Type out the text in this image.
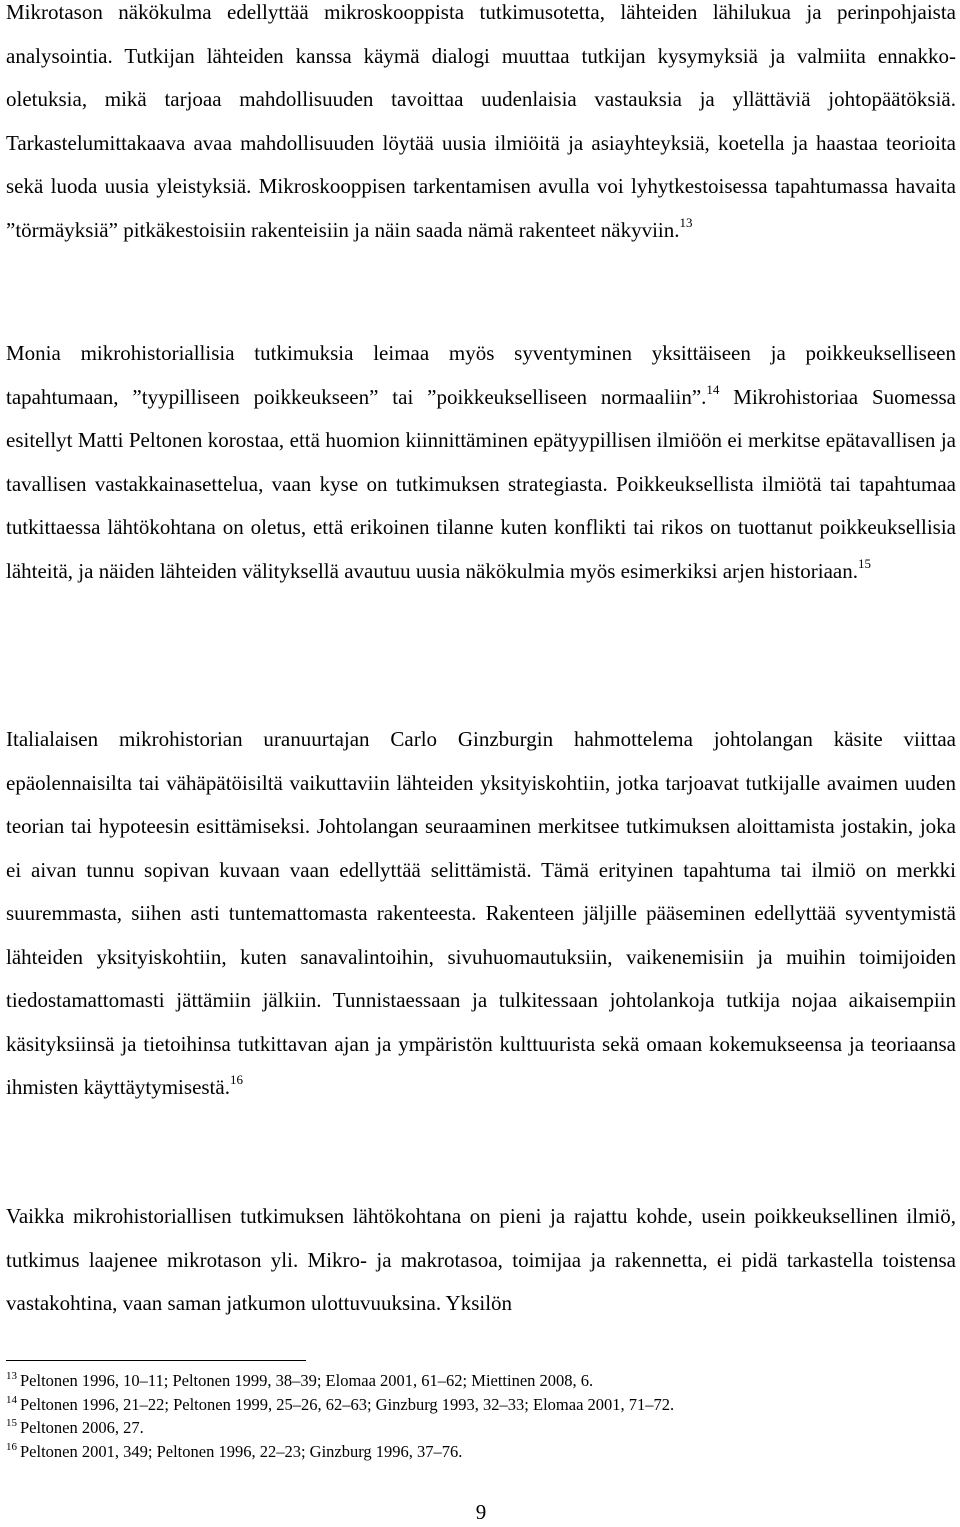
Mikrotason näkökulma edellyttää mikroskooppista tutkimusotetta, lähteiden lähilukua ja perinpohjaista analysointia. Tutkijan lähteiden kanssa käymä dialogi muuttaa tutkijan kysymyksiä ja valmiita ennakko-oletuksia, mikä tarjoaa mahdollisuuden tavoittaa uudenlaisia vastauksia ja yllättäviä johtopäätöksiä. Tarkastelumittakaava avaa mahdollisuuden löytää uusia ilmiöitä ja asiayhteyksiä, koetella ja haastaa teorioita sekä luoda uusia yleistyksiä. Mikroskooppisen tarkentamisen avulla voi lyhytkestoisessa tapahtumassa havaita ”törmäyksiä” pitkäkestoisiin rakenteisiin ja näin saada nämä rakenteet näkyviin.$^{13}$

Monia mikrohistoriallisia tutkimuksia leimaa myös syventyminen yksittäiseen ja poikkeukselliseen tapahtumaan, ”tyypilliseen poikkeukseen” tai ”poikkeukselliseen normaaliin”.$^{14}$ Mikrohistoriaa Suomessa esitellyt Matti Peltonen korostaa, että huomion kiinnittäminen epätyypillisen ilmiöön ei merkitse epätavallisen ja tavallisen vastakkainasettelua, vaan kyse on tutkimuksen strategiasta. Poikkeuksellista ilmiötä tai tapahtumaa tutkittaessa lähtökohtana on oletus, että erikoinen tilanne kuten konflikti tai rikos on tuottanut poikkeuksellisia lähteitä, ja näiden lähteiden välityksellä avautuu uusia näkökulmia myös esimerkiksi arjen historiaan.$^{15}$

Italialaisen mikrohistorian uranuurtajan Carlo Ginzburgin hahmottelema johtolangan käsite viittaa epäolennaisilta tai vähäpätöisiltä vaikuttaviin lähteiden yksityiskohtiin, jotka tarjoavat tutkijalle avaimen uuden teorian tai hypoteesin esittämiseksi. Johtolangan seuraaminen merkitsee tutkimuksen aloittamista jostakin, joka ei aivan tunnu sopivan kuvaan vaan edellyttää selittämistä. Tämä erityinen tapahtuma tai ilmiö on merkki suuremmasta, siihen asti tuntemattomasta rakenteesta. Rakenteen jäljille pääseminen edellyttää syventymistä lähteiden yksityiskohtiin, kuten sanavalintoihin, sivuhuomautuksiin, vaikenemisiin ja muihin toimijoiden tiedostamattomasti jättämiin jälkiin. Tunnistaessaan ja tulkitessaan johtolankoja tutkija nojaa aikaisempiin käsityksiinsä ja tietoihinsa tutkittavan ajan ja ympäristön kulttuurista sekä omaan kokemukseensa ja teoriaansa ihmisten käyttäytymisestä.$^{16}$

Vaikka mikrohistoriallisen tutkimuksen lähtökohtana on pieni ja rajattu kohde, usein poikkeuksellinen ilmiö, tutkimus laajenee mikrotason yli. Mikro- ja makrotasoa, toimijaa ja rakennetta, ei pidä tarkastella toistensa vastakohtina, vaan saman jatkumon ulottuvuuksina. Yksilön

$^{13}$ Peltonen 1996, 10–11; Peltonen 1999, 38–39; Elomaa 2001, 61–62; Miettinen 2008, 6.

$^{14}$ Peltonen 1996, 21–22; Peltonen 1999, 25–26, 62–63; Ginzburg 1993, 32–33; Elomaa 2001, 71–72.

$^{15}$ Peltonen 2006, 27.

$^{16}$ Peltonen 2001, 349; Peltonen 1996, 22–23; Ginzburg 1996, 37–76.

9
